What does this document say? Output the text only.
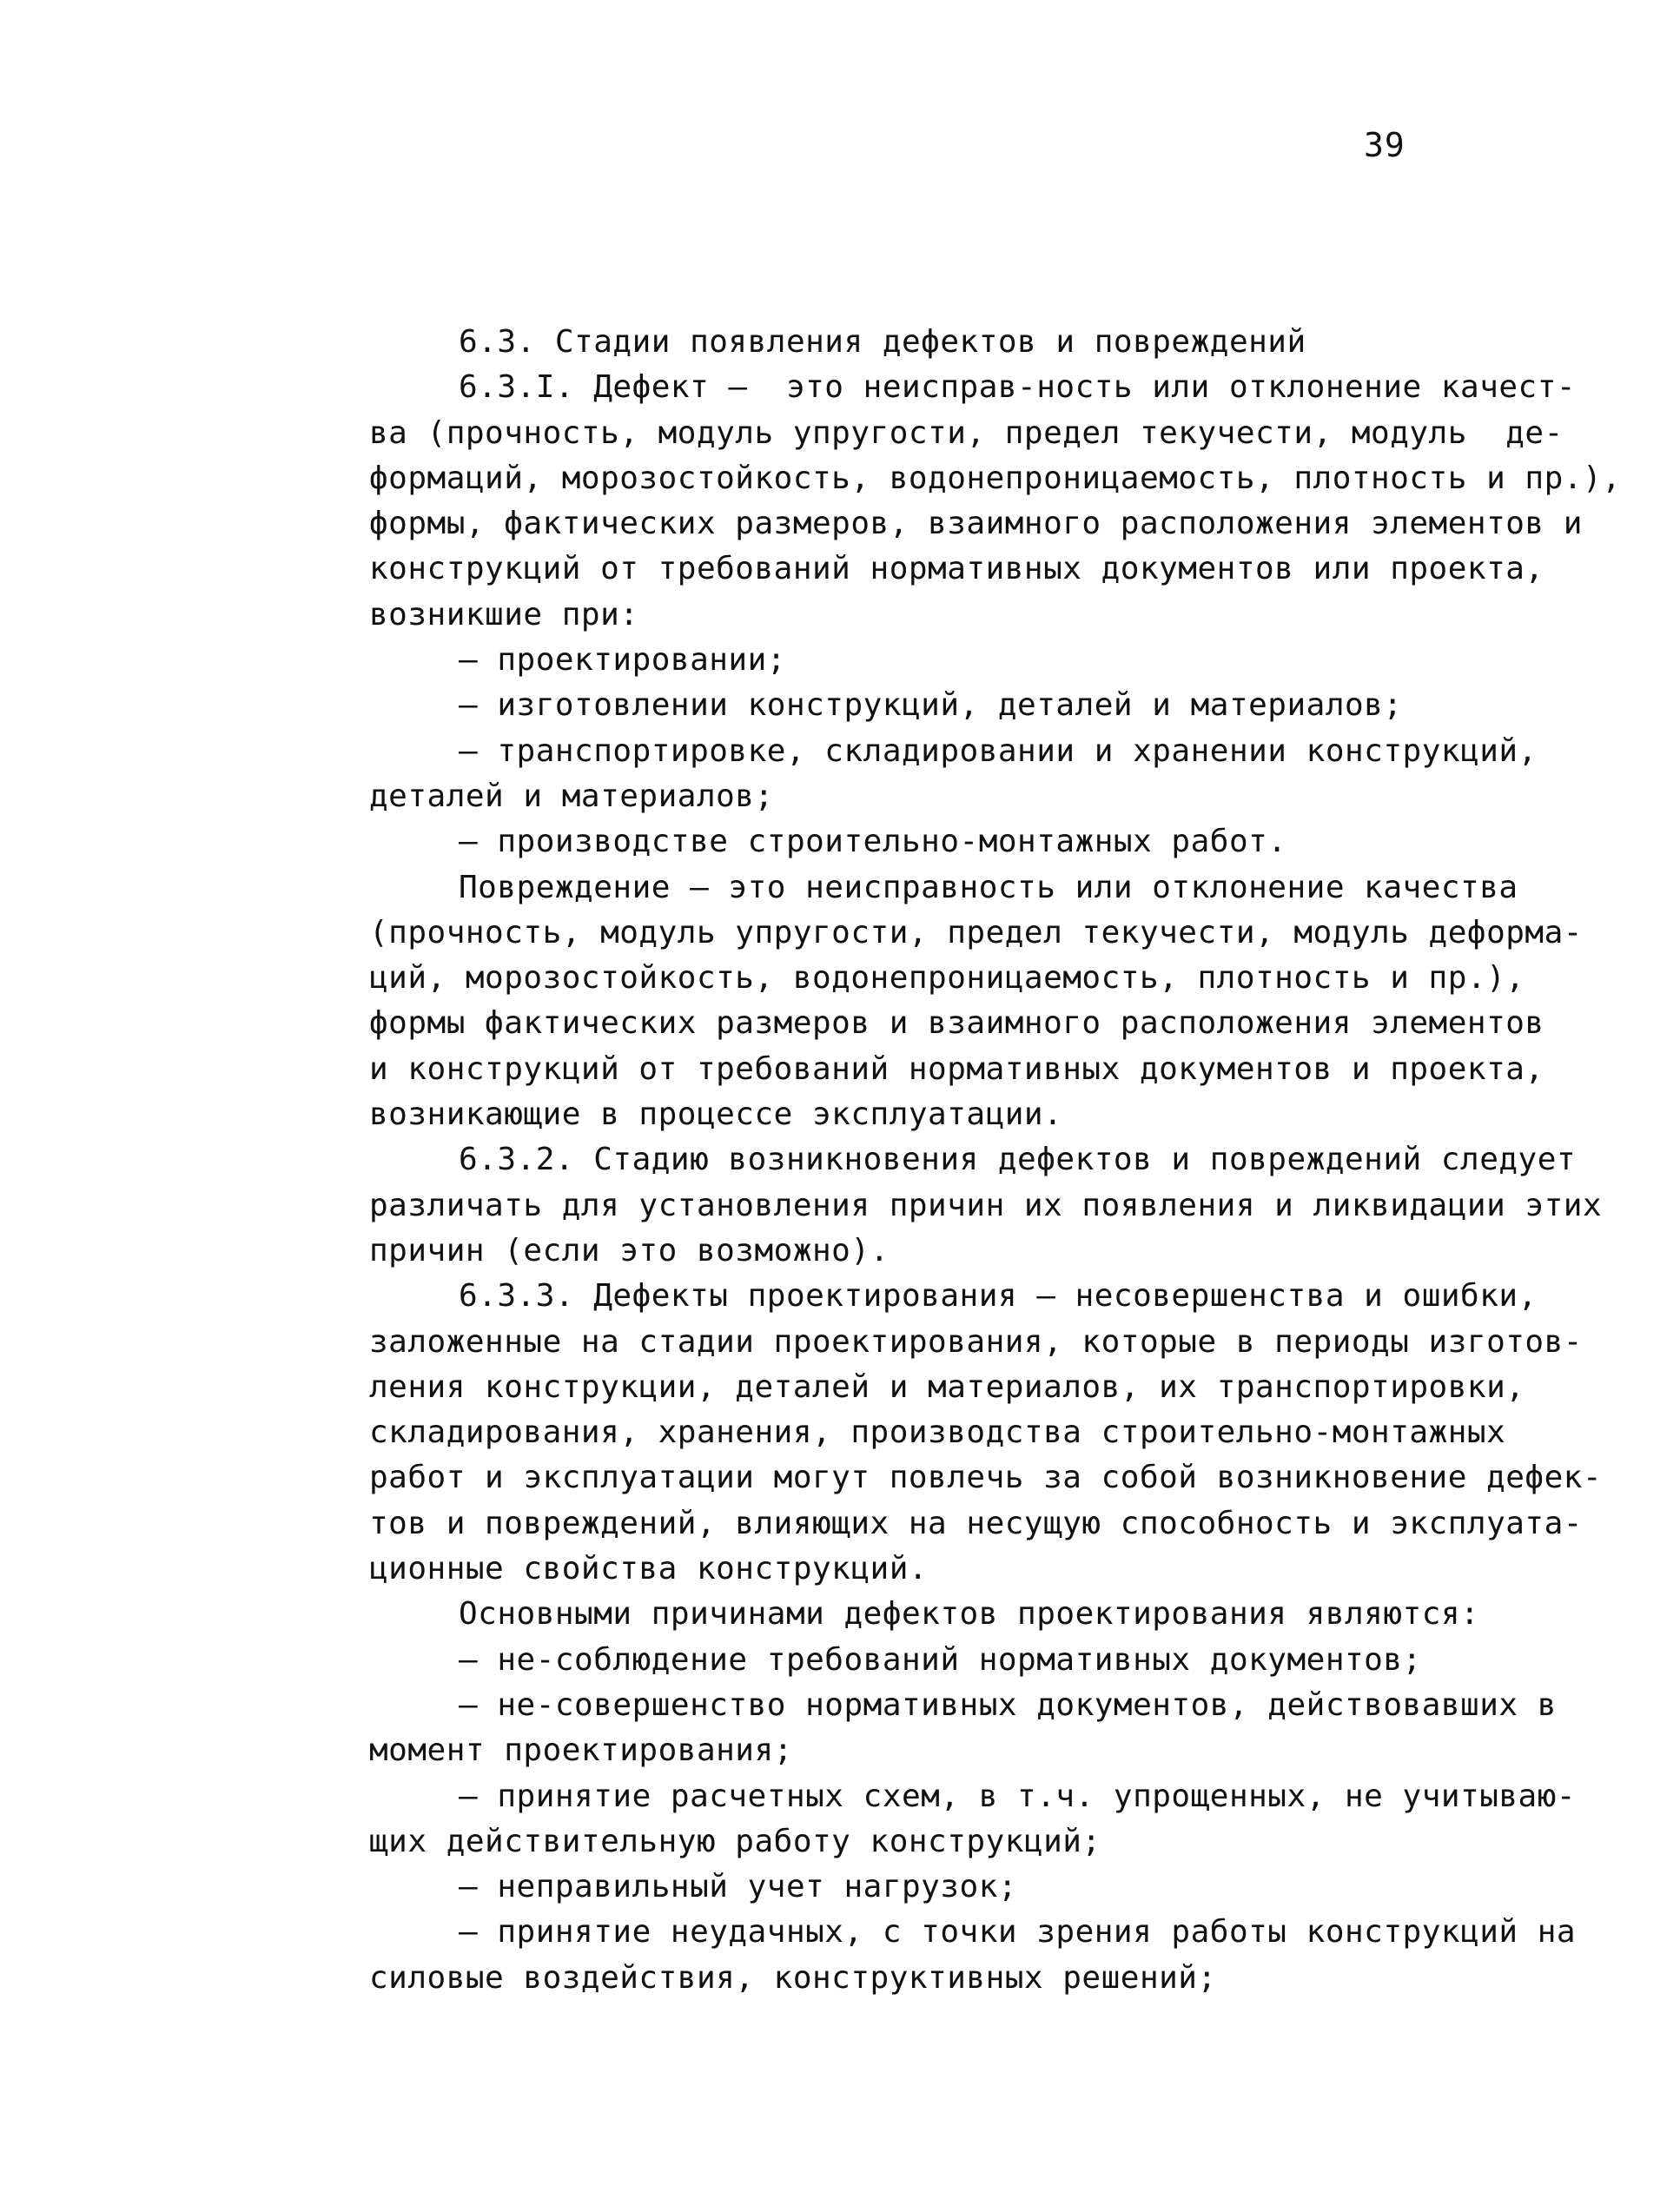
39
6.3. Стадии появления дефектов и повреждений
6.3.I. Дефект –  это неисправ-ность или отклонение качест-
ва (прочность, модуль упругости, предел текучести, модуль  де-
формаций, морозостойкость, водонепроницаемость, плотность и пр.),
формы, фактических размеров, взаимного расположения элементов и
конструкций от требований нормативных документов или проекта,
возникшие при:
– проектировании;
– изготовлении конструкций, деталей и материалов;
– транспортировке, складировании и хранении конструкций,
деталей и материалов;
– производстве строительно-монтажных работ.
Повреждение – это неисправность или отклонение качества
(прочность, модуль упругости, предел текучести, модуль деформа-
ций, морозостойкость, водонепроницаемость, плотность и пр.),
формы фактических размеров и взаимного расположения элементов
и конструкций от требований нормативных документов и проекта,
возникающие в процессе эксплуатации.
6.3.2. Стадию возникновения дефектов и повреждений следует
различать для установления причин их появления и ликвидации этих
причин (если это возможно).
6.3.3. Дефекты проектирования – несовершенства и ошибки,
заложенные на стадии проектирования, которые в периоды изготов-
ления конструкции, деталей и материалов, их транспортировки,
складирования, хранения, производства строительно-монтажных
работ и эксплуатации могут повлечь за собой возникновение дефек-
тов и повреждений, влияющих на несущую способность и эксплуата-
ционные свойства конструкций.
Основными причинами дефектов проектирования являются:
– не-соблюдение требований нормативных документов;
– не-совершенство нормативных документов, действовавших в
момент проектирования;
– принятие расчетных схем, в т.ч. упрощенных, не учитываю-
щих действительную работу конструкций;
– неправильный учет нагрузок;
– принятие неудачных, с точки зрения работы конструкций на
силовые воздействия, конструктивных решений;
